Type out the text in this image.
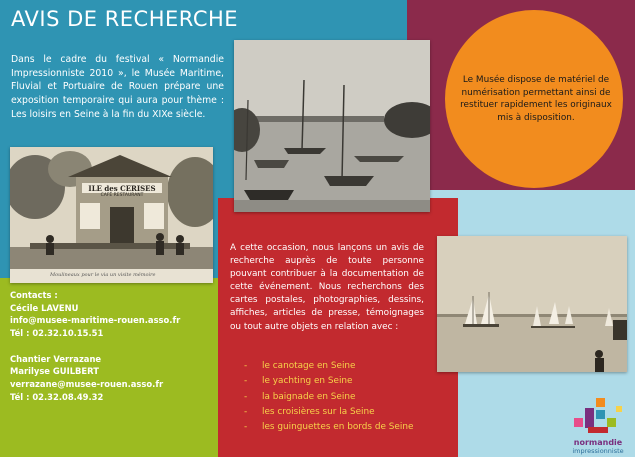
AVIS DE RECHERCHE

Dans le cadre du festival « Normandie Impressionniste 2010 », le Musée Maritime, Fluvial et Portuaire de Rouen prépare une exposition temporaire qui aura pour thème : Les loisirs en Seine à la fin du XIXe siècle.

Le Musée dispose de matériel de numérisation permettant ainsi de restituer rapidement les originaux mis à disposition.

ILE des CERISES
CAFÉ RESTAURANT
Moulineaux pour le via un visite mémoire
Contacts :
Cécile LAVENU
info@musee-maritime-rouen.asso.fr
Tél : 02.32.10.15.51
Chantier Verrazane
Marilyse GUILBERT
verrazane@musee-rouen.asso.fr
Tél : 02.32.08.49.32

A cette occasion, nous lançons un avis de recherche auprès de toute personne pouvant contribuer à la documentation de cette événement. Nous recherchons des cartes postales, photographies, dessins, affiches, articles de presse, témoignages ou tout autre objets en relation avec :

- le canotage en Seine
- le yachting en Seine
- la baignade en Seine
- les croisières sur la Seine
- les guinguettes en bords de Seine
normandie
impressionniste
